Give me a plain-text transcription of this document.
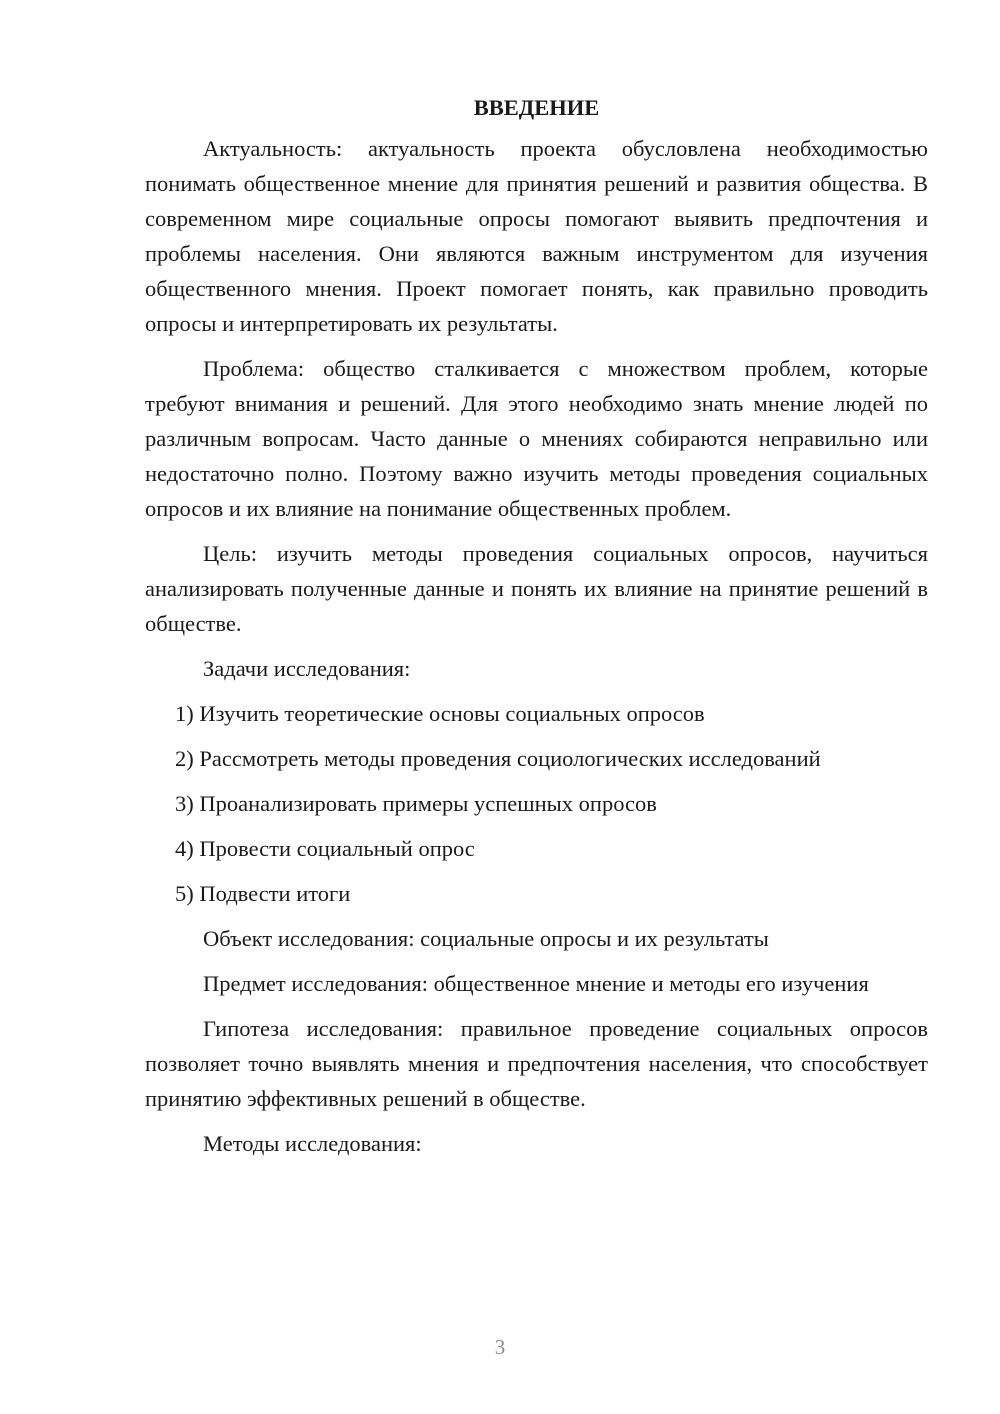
ВВЕДЕНИЕ

Актуальность: актуальность проекта обусловлена необходимостью понимать общественное мнение для принятия решений и развития общества. В современном мире социальные опросы помогают выявить предпочтения и проблемы населения. Они являются важным инструментом для изучения общественного мнения. Проект помогает понять, как правильно проводить опросы и интерпретировать их результаты.

Проблема: общество сталкивается с множеством проблем, которые требуют внимания и решений. Для этого необходимо знать мнение людей по различным вопросам. Часто данные о мнениях собираются неправильно или недостаточно полно. Поэтому важно изучить методы проведения социальных опросов и их влияние на понимание общественных проблем.

Цель: изучить методы проведения социальных опросов, научиться анализировать полученные данные и понять их влияние на принятие решений в обществе.

Задачи исследования:

1) Изучить теоретические основы социальных опросов

2) Рассмотреть методы проведения социологических исследований

3) Проанализировать примеры успешных опросов

4) Провести социальный опрос

5) Подвести итоги

Объект исследования: социальные опросы и их результаты

Предмет исследования: общественное мнение и методы его изучения

Гипотеза исследования: правильное проведение социальных опросов позволяет точно выявлять мнения и предпочтения населения, что способствует принятию эффективных решений в обществе.

Методы исследования:

3
